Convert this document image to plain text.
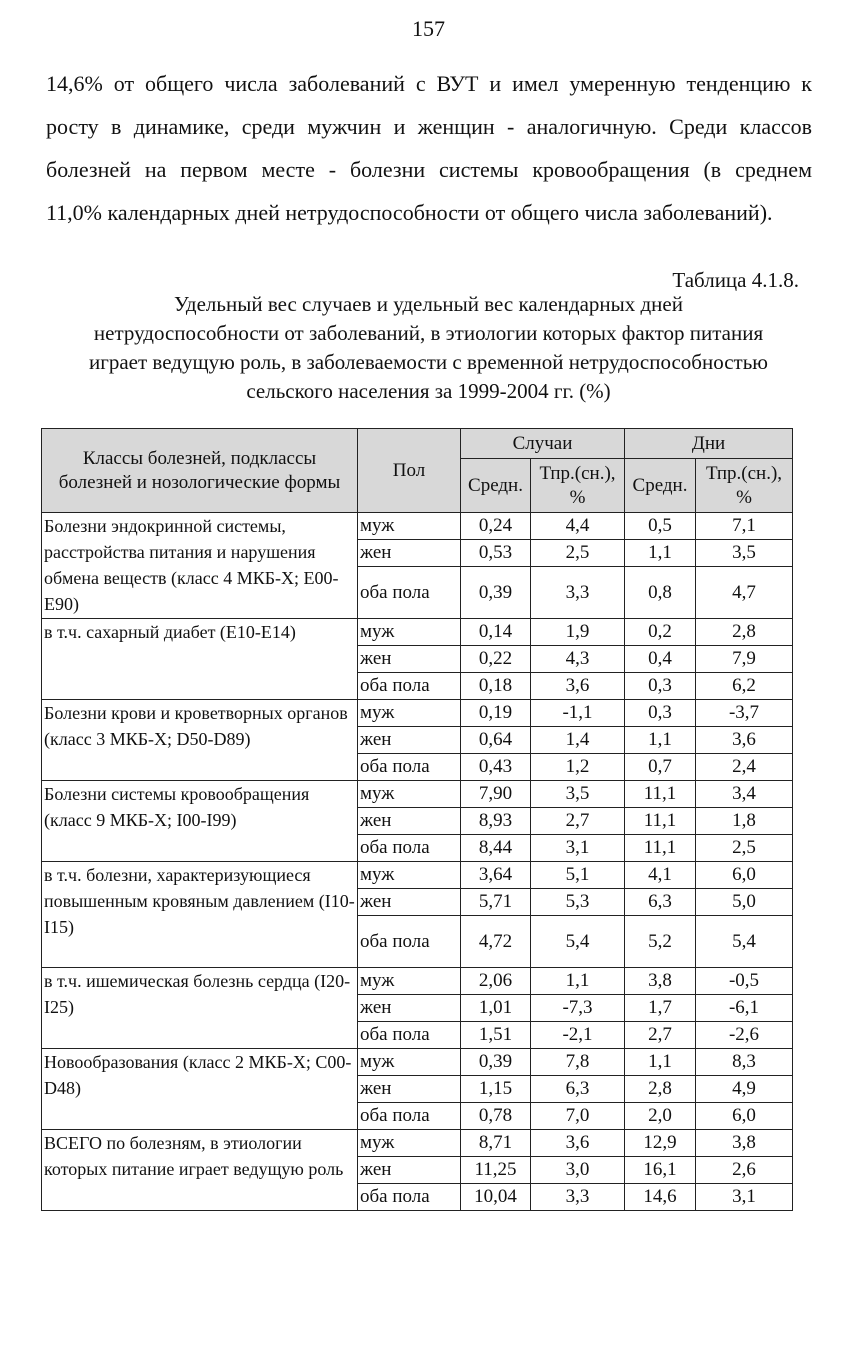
157
14,6% от общего числа заболеваний с ВУТ и имел умеренную тенденцию к
росту в динамике, среди мужчин и женщин - аналогичную. Среди классов
болезней на первом месте - болезни системы кровообращения (в среднем
11,0% календарных дней нетрудоспособности от общего числа заболеваний).
Таблица 4.1.8.
Удельный вес случаев и удельный вес календарных дней
нетрудоспособности от заболеваний, в этиологии которых фактор питания
играет ведущую роль, в заболеваемости с временной нетрудоспособностью
сельского населения за 1999-2004 гг. (%)
Классы болезней, подклассы болезней и нозологические формы	Пол	Случаи		Дни	
		Средн.	Тпр.(сн.), %	Средн.	Тпр.(сн.), %
Болезни эндокринной системы, расстройства питания и нарушения обмена веществ (класс 4 МКБ-Х; Е00-Е90)	муж	0,24	4,4	0,5	7,1
	жен	0,53	2,5	1,1	3,5
	оба пола	0,39	3,3	0,8	4,7
в т.ч. сахарный диабет (Е10-Е14)	муж	0,14	1,9	0,2	2,8
	жен	0,22	4,3	0,4	7,9
	оба пола	0,18	3,6	0,3	6,2
Болезни крови и кроветворных органов (класс 3 МКБ-Х; D50-D89)	муж	0,19	-1,1	0,3	-3,7
	жен	0,64	1,4	1,1	3,6
	оба пола	0,43	1,2	0,7	2,4
Болезни системы кровообращения (класс 9 МКБ-Х; I00-I99)	муж	7,90	3,5	11,1	3,4
	жен	8,93	2,7	11,1	1,8
	оба пола	8,44	3,1	11,1	2,5
в т.ч. болезни, характеризующиеся повышенным кровяным давлением (I10-I15)	муж	3,64	5,1	4,1	6,0
	жен	5,71	5,3	6,3	5,0
	оба пола	4,72	5,4	5,2	5,4
в т.ч. ишемическая болезнь сердца (I20-I25)	муж	2,06	1,1	3,8	-0,5
	жен	1,01	-7,3	1,7	-6,1
	оба пола	1,51	-2,1	2,7	-2,6
Новообразования (класс 2 МКБ-Х; С00-D48)	муж	0,39	7,8	1,1	8,3
	жен	1,15	6,3	2,8	4,9
	оба пола	0,78	7,0	2,0	6,0
ВСЕГО по болезням, в этиологии которых питание играет ведущую роль	муж	8,71	3,6	12,9	3,8
	жен	11,25	3,0	16,1	2,6
	оба пола	10,04	3,3	14,6	3,1
